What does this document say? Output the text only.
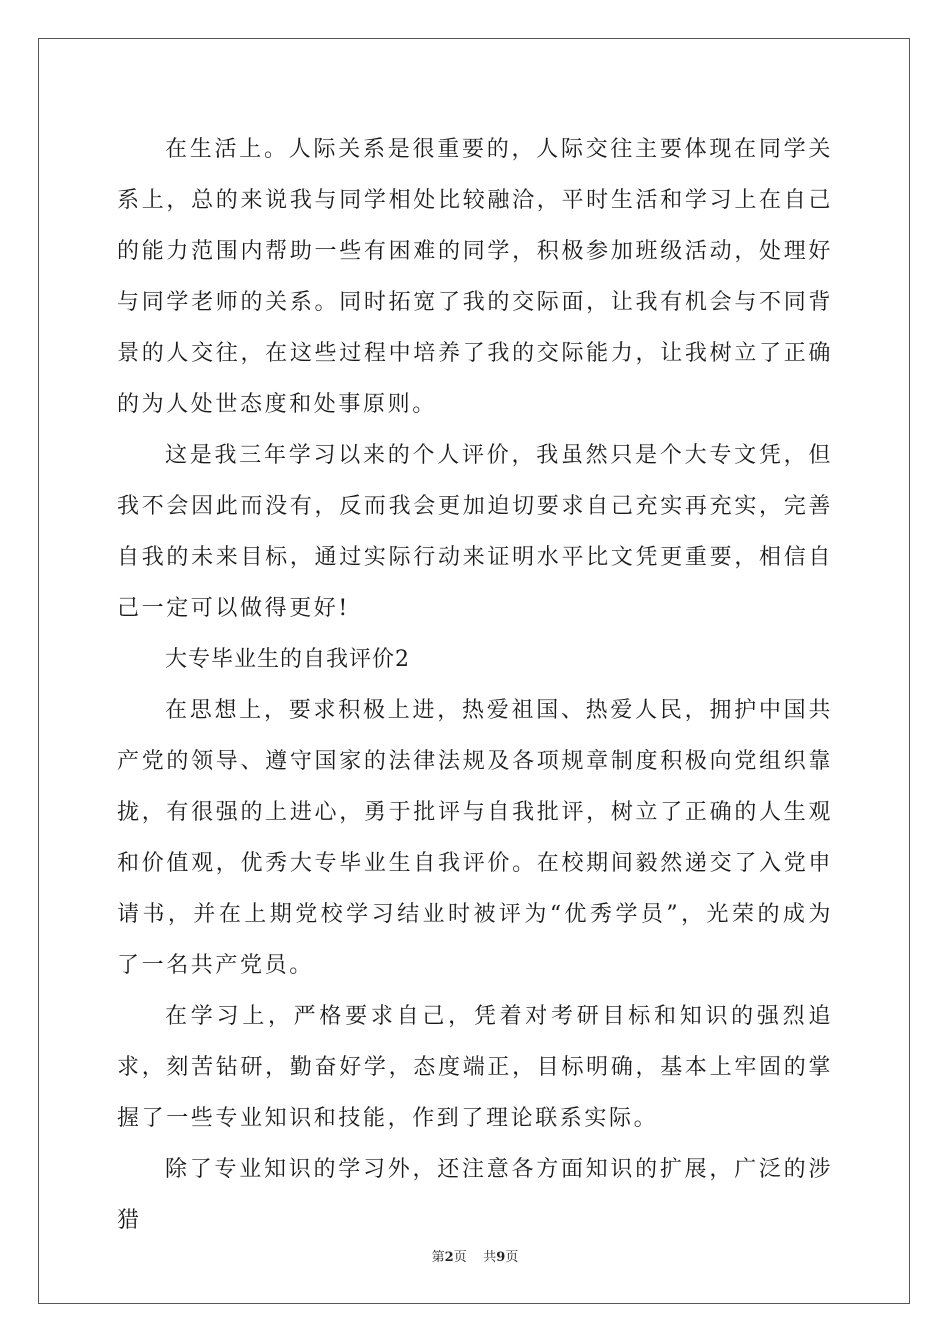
在生活上。人际关系是很重要的，人际交往主要体现在同学关系上，总的来说我与同学相处比较融洽，平时生活和学习上在自己的能力范围内帮助一些有困难的同学，积极参加班级活动，处理好与同学老师的关系。同时拓宽了我的交际面，让我有机会与不同背景的人交往，在这些过程中培养了我的交际能力，让我树立了正确的为人处世态度和处事原则。

这是我三年学习以来的个人评价，我虽然只是个大专文凭，但我不会因此而没有，反而我会更加迫切要求自己充实再充实，完善自我的未来目标，通过实际行动来证明水平比文凭更重要，相信自己一定可以做得更好!

大专毕业生的自我评价2

在思想上，要求积极上进，热爱祖国、热爱人民，拥护中国共产党的领导、遵守国家的法律法规及各项规章制度积极向党组织靠拢，有很强的上进心，勇于批评与自我批评，树立了正确的人生观和价值观，优秀大专毕业生自我评价。在校期间毅然递交了入党申请书，并在上期党校学习结业时被评为“优秀学员”，光荣的成为了一名共产党员。

在学习上，严格要求自己，凭着对考研目标和知识的强烈追求，刻苦钻研，勤奋好学，态度端正，目标明确，基本上牢固的掌握了一些专业知识和技能，作到了理论联系实际。

除了专业知识的学习外，还注意各方面知识的扩展，广泛的涉猎

第2页 共9页
